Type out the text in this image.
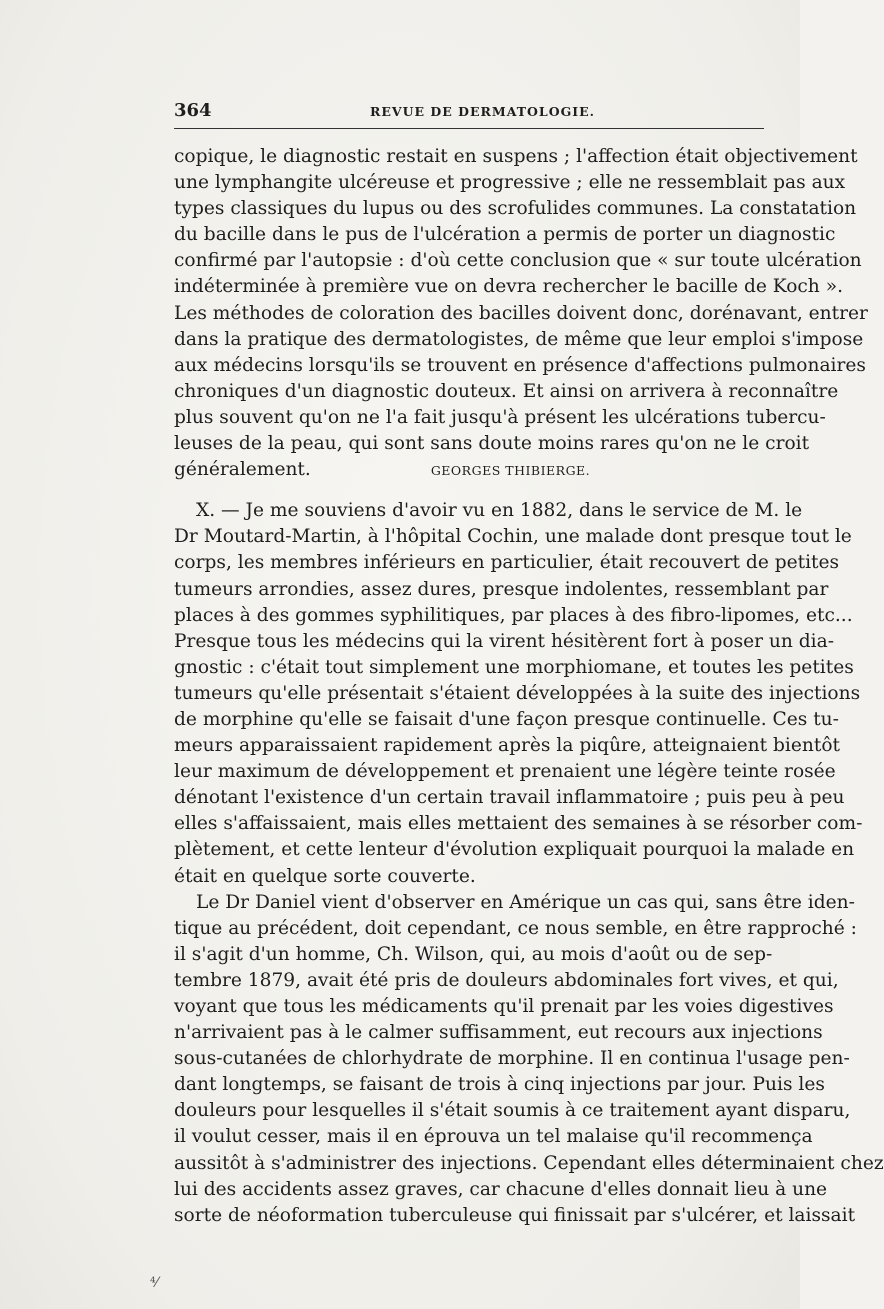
364	REVUE DE DERMATOLOGIE.

copique, le diagnostic restait en suspens ; l'affection était objectivement
une lymphangite ulcéreuse et progressive ; elle ne ressemblait pas aux
types classiques du lupus ou des scrofulides communes. La constatation
du bacille dans le pus de l'ulcération a permis de porter un diagnostic
confirmé par l'autopsie : d'où cette conclusion que « sur toute ulcération
indéterminée à première vue on devra rechercher le bacille de Koch ».
Les méthodes de coloration des bacilles doivent donc, dorénavant, entrer
dans la pratique des dermatologistes, de même que leur emploi s'impose
aux médecins lorsqu'ils se trouvent en présence d'affections pulmonaires
chroniques d'un diagnostic douteux. Et ainsi on arrivera à reconnaître
plus souvent qu'on ne l'a fait jusqu'à présent les ulcérations tubercu-
leuses de la peau, qui sont sans doute moins rares qu'on ne le croit
généralement.	GEORGES THIBIERGE.

X. — Je me souviens d'avoir vu en 1882, dans le service de M. le
Dr Moutard-Martin, à l'hôpital Cochin, une malade dont presque tout le
corps, les membres inférieurs en particulier, était recouvert de petites
tumeurs arrondies, assez dures, presque indolentes, ressemblant par
places à des gommes syphilitiques, par places à des fibro-lipomes, etc...
Presque tous les médecins qui la virent hésitèrent fort à poser un dia-
gnostic : c'était tout simplement une morphiomane, et toutes les petites
tumeurs qu'elle présentait s'étaient développées à la suite des injections
de morphine qu'elle se faisait d'une façon presque continuelle. Ces tu-
meurs apparaissaient rapidement après la piqûre, atteignaient bientôt
leur maximum de développement et prenaient une légère teinte rosée
dénotant l'existence d'un certain travail inflammatoire ; puis peu à peu
elles s'affaissaient, mais elles mettaient des semaines à se résorber com-
plètement, et cette lenteur d'évolution expliquait pourquoi la malade en
était en quelque sorte couverte.

Le Dr Daniel vient d'observer en Amérique un cas qui, sans être iden-
tique au précédent, doit cependant, ce nous semble, en être rapproché :
il s'agit d'un homme, Ch. Wilson, qui, au mois d'août ou de sep-
tembre 1879, avait été pris de douleurs abdominales fort vives, et qui,
voyant que tous les médicaments qu'il prenait par les voies digestives
n'arrivaient pas à le calmer suffisamment, eut recours aux injections
sous-cutanées de chlorhydrate de morphine. Il en continua l'usage pen-
dant longtemps, se faisant de trois à cinq injections par jour. Puis les
douleurs pour lesquelles il s'était soumis à ce traitement ayant disparu,
il voulut cesser, mais il en éprouva un tel malaise qu'il recommença
aussitôt à s'administrer des injections. Cependant elles déterminaient chez
lui des accidents assez graves, car chacune d'elles donnait lieu à une
sorte de néoformation tuberculeuse qui finissait par s'ulcérer, et laissait

⁴⁄
